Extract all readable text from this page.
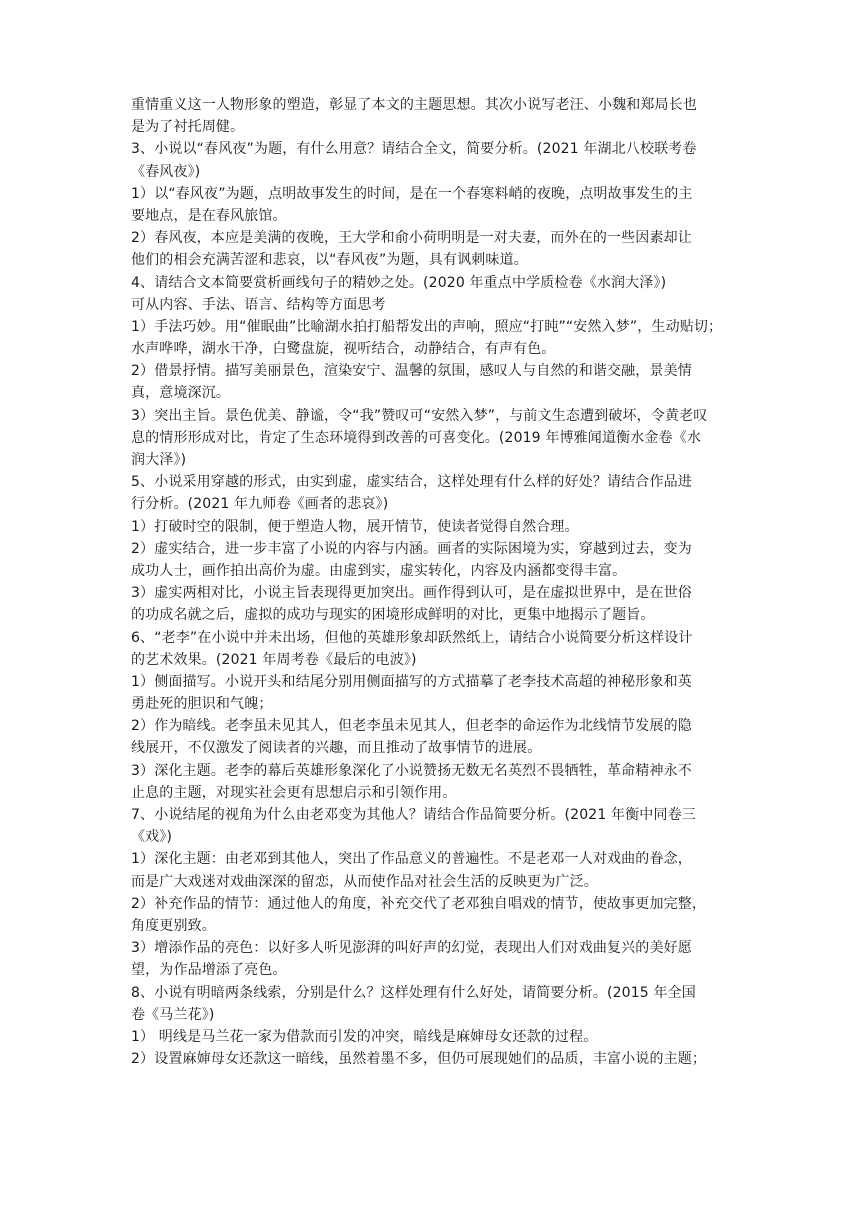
重情重义这一人物形象的塑造，彰显了本文的主题思想。其次小说写老汪、小魏和郑局长也
是为了衬托周健。
3、小说以“春风夜”为题，有什么用意？请结合全文，简要分析。(2021 年湖北八校联考卷
《春风夜》)
1）以“春风夜”为题，点明故事发生的时间，是在一个春寒料峭的夜晚，点明故事发生的主
要地点，是在春风旅馆。
2）春风夜，本应是美满的夜晚，王大学和俞小荷明明是一对夫妻，而外在的一些因素却让
他们的相会充满苦涩和悲哀，以“春风夜”为题，具有讽刺味道。
4、请结合文本简要赏析画线句子的精妙之处。(2020 年重点中学质检卷《水润大泽》)
可从内容、手法、语言、结构等方面思考
1）手法巧妙。用“催眠曲”比喻湖水拍打船帮发出的声响，照应“打盹”“安然入梦”，生动贴切；
水声哗哗，湖水干净，白鹭盘旋，视听结合，动静结合，有声有色。
2）借景抒情。描写美丽景色，渲染安宁、温馨的氛围，感叹人与自然的和谐交融，景美情
真，意境深沉。
3）突出主旨。景色优美、静谧，令“我”赞叹可“安然入梦”，与前文生态遭到破坏，令黄老叹
息的情形形成对比，肯定了生态环境得到改善的可喜变化。(2019 年博雅闻道衡水金卷《水
润大泽》)
5、小说采用穿越的形式，由实到虚，虚实结合，这样处理有什么样的好处？请结合作品进
行分析。(2021 年九师卷《画者的悲哀》)
1）打破时空的限制，便于塑造人物，展开情节，使读者觉得自然合理。
2）虚实结合，进一步丰富了小说的内容与内涵。画者的实际困境为实，穿越到过去，变为
成功人士，画作拍出高价为虚。由虚到实，虚实转化，内容及内涵都变得丰富。
3）虚实两相对比，小说主旨表现得更加突出。画作得到认可，是在虚拟世界中，是在世俗
的功成名就之后，虚拟的成功与现实的困境形成鲜明的对比，更集中地揭示了题旨。
6、“老李”在小说中并未出场，但他的英雄形象却跃然纸上，请结合小说简要分析这样设计
的艺术效果。(2021 年周考卷《最后的电波》)
1）侧面描写。小说开头和结尾分别用侧面描写的方式描摹了老李技术高超的神秘形象和英
勇赴死的胆识和气魄；
2）作为暗线。老李虽未见其人，但老李虽未见其人，但老李的命运作为北线情节发展的隐
线展开，不仅激发了阅读者的兴趣，而且推动了故事情节的进展。
3）深化主题。老李的幕后英雄形象深化了小说赞扬无数无名英烈不畏牺牲，革命精神永不
止息的主题，对现实社会更有思想启示和引领作用。
7、小说结尾的视角为什么由老邓变为其他人？请结合作品简要分析。(2021 年衡中同卷三
《戏》)
1）深化主题：由老邓到其他人，突出了作品意义的普遍性。不是老邓一人对戏曲的眷念，
而是广大戏迷对戏曲深深的留恋，从而使作品对社会生活的反映更为广泛。
2）补充作品的情节：通过他人的角度，补充交代了老邓独自唱戏的情节，使故事更加完整，
角度更别致。
3）增添作品的亮色：以好多人听见澎湃的叫好声的幻觉，表现出人们对戏曲复兴的美好愿
望，为作品增添了亮色。
8、小说有明暗两条线索，分别是什么？这样处理有什么好处，请简要分析。(2015 年全国
卷《马兰花》)
1） 明线是马兰花一家为借款而引发的冲突，暗线是麻婶母女还款的过程。
2）设置麻婶母女还款这一暗线，虽然着墨不多，但仍可展现她们的品质，丰富小说的主题；
